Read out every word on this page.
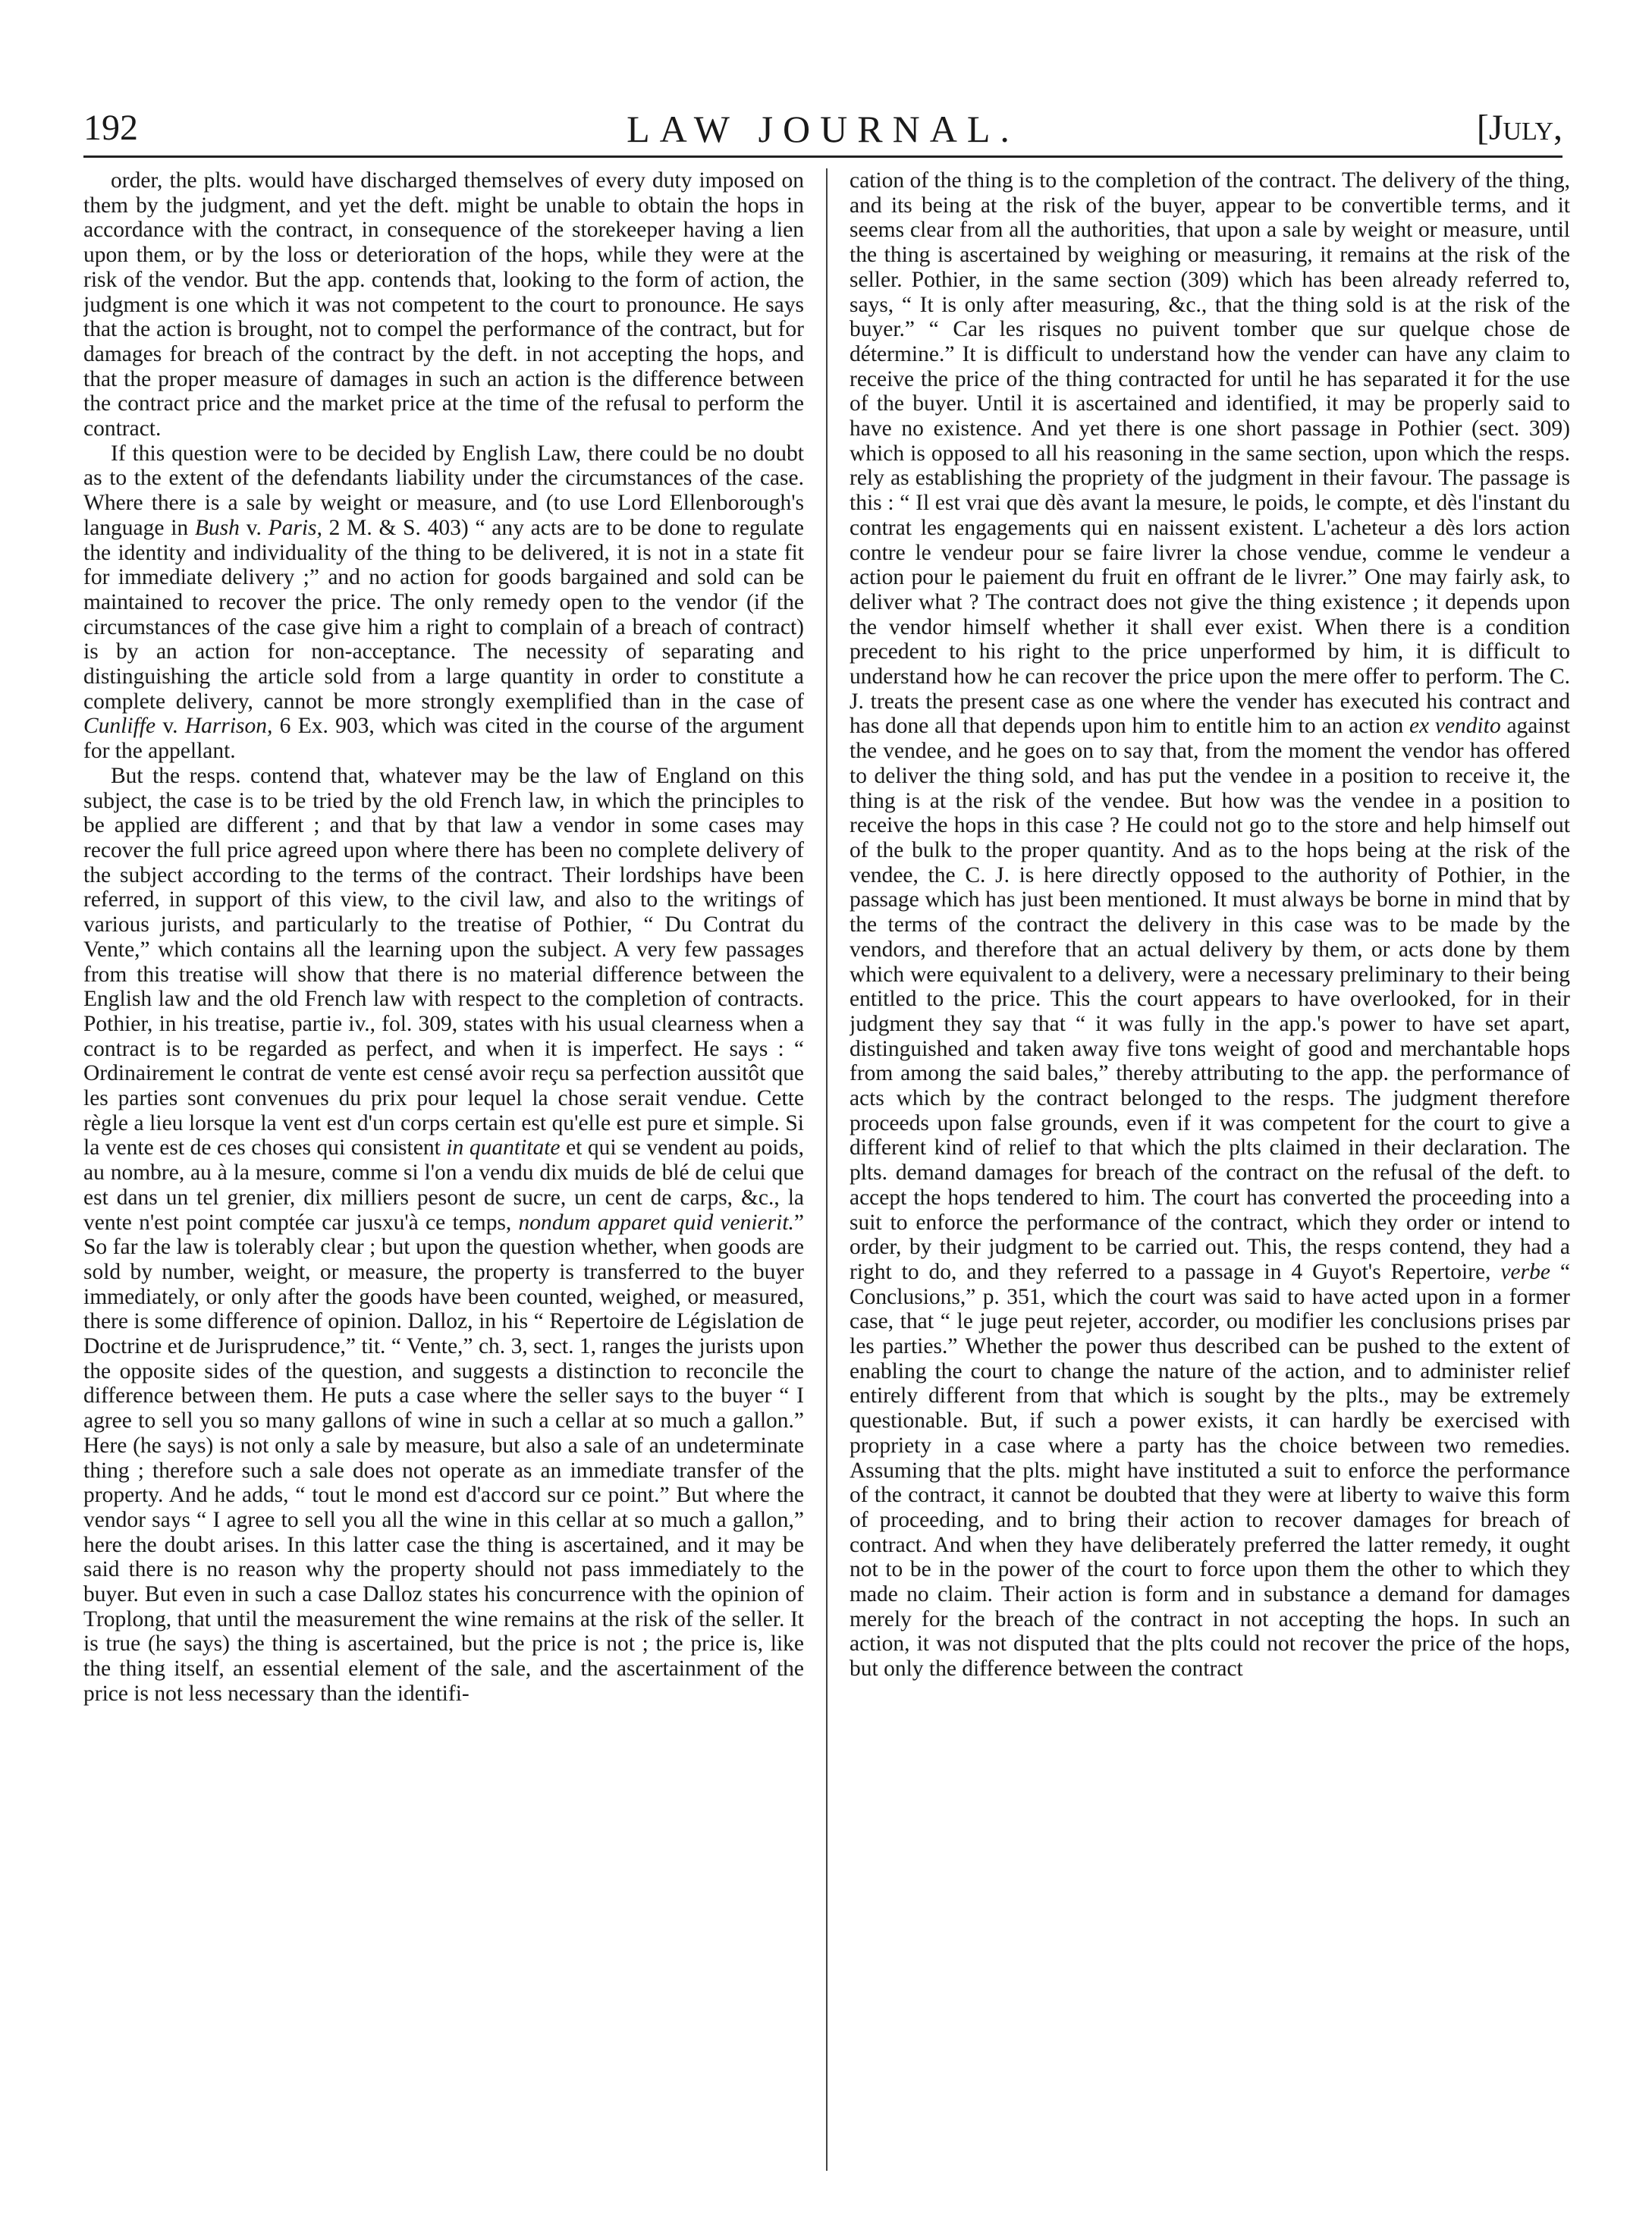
192	LAW JOURNAL.	[July,

order, the plts. would have discharged themselves of every duty imposed on them by the judgment, and yet the deft. might be unable to obtain the hops in accordance with the contract, in consequence of the storekeeper having a lien upon them, or by the loss or deterioration of the hops, while they were at the risk of the vendor. But the app. contends that, looking to the form of action, the judgment is one which it was not competent to the court to pronounce. He says that the action is brought, not to compel the performance of the contract, but for damages for breach of the contract by the deft. in not accepting the hops, and that the proper measure of damages in such an action is the difference between the contract price and the market price at the time of the refusal to perform the contract.

If this question were to be decided by English Law, there could be no doubt as to the extent of the defendants liability under the circumstances of the case. Where there is a sale by weight or measure, and (to use Lord Ellenborough's language in Bush v. Paris, 2 M. & S. 403) “ any acts are to be done to regulate the identity and individuality of the thing to be delivered, it is not in a state fit for immediate delivery ;” and no action for goods bargained and sold can be maintained to recover the price. The only remedy open to the vendor (if the circumstances of the case give him a right to complain of a breach of contract) is by an action for non-acceptance. The necessity of separating and distinguishing the article sold from a large quantity in order to constitute a complete delivery, cannot be more strongly exemplified than in the case of Cunliffe v. Harrison, 6 Ex. 903, which was cited in the course of the argument for the appellant.

But the resps. contend that, whatever may be the law of England on this subject, the case is to be tried by the old French law, in which the principles to be applied are different ; and that by that law a vendor in some cases may recover the full price agreed upon where there has been no complete delivery of the subject according to the terms of the contract. Their lordships have been referred, in support of this view, to the civil law, and also to the writings of various jurists, and particularly to the treatise of Pothier, “ Du Contrat du Vente,” which contains all the learning upon the subject. A very few passages from this treatise will show that there is no material difference between the English law and the old French law with respect to the completion of contracts. Pothier, in his treatise, partie iv., fol. 309, states with his usual clearness when a contract is to be regarded as perfect, and when it is imperfect. He says : “ Ordinairement le contrat de vente est censé avoir reçu sa perfection aussitôt que les parties sont convenues du prix pour lequel la chose serait vendue. Cette règle a lieu lorsque la vent est d'un corps certain est qu'elle est pure et simple. Si la vente est de ces choses qui consistent in quantitate et qui se vendent au poids, au nombre, au à la mesure, comme si l'on a vendu dix muids de blé de celui que est dans un tel grenier, dix milliers pesont de sucre, un cent de carps, &c., la vente n'est point comptée car jusxu'à ce temps, nondum apparet quid venierit.” So far the law is tolerably clear ; but upon the question whether, when goods are sold by number, weight, or measure, the property is transferred to the buyer immediately, or only after the goods have been counted, weighed, or measured, there is some difference of opinion. Dalloz, in his “ Repertoire de Législation de Doctrine et de Jurisprudence,” tit. “ Vente,” ch. 3, sect. 1, ranges the jurists upon the opposite sides of the question, and suggests a distinction to reconcile the difference between them. He puts a case where the seller says to the buyer “ I agree to sell you so many gallons of wine in such a cellar at so much a gallon.” Here (he says) is not only a sale by measure, but also a sale of an undeterminate thing ; therefore such a sale does not operate as an immediate transfer of the property. And he adds, “ tout le mond est d'accord sur ce point.” But where the vendor says “ I agree to sell you all the wine in this cellar at so much a gallon,” here the doubt arises. In this latter case the thing is ascertained, and it may be said there is no reason why the property should not pass immediately to the buyer. But even in such a case Dalloz states his concurrence with the opinion of Troplong, that until the measurement the wine remains at the risk of the seller. It is true (he says) the thing is ascertained, but the price is not ; the price is, like the thing itself, an essential element of the sale, and the ascertainment of the price is not less necessary than the identifi-

cation of the thing is to the completion of the contract. The delivery of the thing, and its being at the risk of the buyer, appear to be convertible terms, and it seems clear from all the authorities, that upon a sale by weight or measure, until the thing is ascertained by weighing or measuring, it remains at the risk of the seller. Pothier, in the same section (309) which has been already referred to, says, “ It is only after measuring, &c., that the thing sold is at the risk of the buyer.” “ Car les risques no puivent tomber que sur quelque chose de détermine.” It is difficult to understand how the vender can have any claim to receive the price of the thing contracted for until he has separated it for the use of the buyer. Until it is ascertained and identified, it may be properly said to have no existence. And yet there is one short passage in Pothier (sect. 309) which is opposed to all his reasoning in the same section, upon which the resps. rely as establishing the propriety of the judgment in their favour. The passage is this : “ Il est vrai que dès avant la mesure, le poids, le compte, et dès l'instant du contrat les engagements qui en naissent existent. L'acheteur a dès lors action contre le vendeur pour se faire livrer la chose vendue, comme le vendeur a action pour le paiement du fruit en offrant de le livrer.” One may fairly ask, to deliver what ? The contract does not give the thing existence ; it depends upon the vendor himself whether it shall ever exist. When there is a condition precedent to his right to the price unperformed by him, it is difficult to understand how he can recover the price upon the mere offer to perform. The C. J. treats the present case as one where the vender has executed his contract and has done all that depends upon him to entitle him to an action ex vendito against the vendee, and he goes on to say that, from the moment the vendor has offered to deliver the thing sold, and has put the vendee in a position to receive it, the thing is at the risk of the vendee. But how was the vendee in a position to receive the hops in this case ? He could not go to the store and help himself out of the bulk to the proper quantity. And as to the hops being at the risk of the vendee, the C. J. is here directly opposed to the authority of Pothier, in the passage which has just been mentioned. It must always be borne in mind that by the terms of the contract the delivery in this case was to be made by the vendors, and therefore that an actual delivery by them, or acts done by them which were equivalent to a delivery, were a necessary preliminary to their being entitled to the price. This the court appears to have overlooked, for in their judgment they say that “ it was fully in the app.'s power to have set apart, distinguished and taken away five tons weight of good and merchantable hops from among the said bales,” thereby attributing to the app. the performance of acts which by the contract belonged to the resps. The judgment therefore proceeds upon false grounds, even if it was competent for the court to give a different kind of relief to that which the plts claimed in their declaration. The plts. demand damages for breach of the contract on the refusal of the deft. to accept the hops tendered to him. The court has converted the proceeding into a suit to enforce the performance of the contract, which they order or intend to order, by their judgment to be carried out. This, the resps contend, they had a right to do, and they referred to a passage in 4 Guyot's Repertoire, verbe “ Conclusions,” p. 351, which the court was said to have acted upon in a former case, that “ le juge peut rejeter, accorder, ou modifier les conclusions prises par les parties.” Whether the power thus described can be pushed to the extent of enabling the court to change the nature of the action, and to administer relief entirely different from that which is sought by the plts., may be extremely questionable. But, if such a power exists, it can hardly be exercised with propriety in a case where a party has the choice between two remedies. Assuming that the plts. might have instituted a suit to enforce the performance of the contract, it cannot be doubted that they were at liberty to waive this form of proceeding, and to bring their action to recover damages for breach of contract. And when they have deliberately preferred the latter remedy, it ought not to be in the power of the court to force upon them the other to which they made no claim. Their action is form and in substance a demand for damages merely for the breach of the contract in not accepting the hops. In such an action, it was not disputed that the plts could not recover the price of the hops, but only the difference between the contract
